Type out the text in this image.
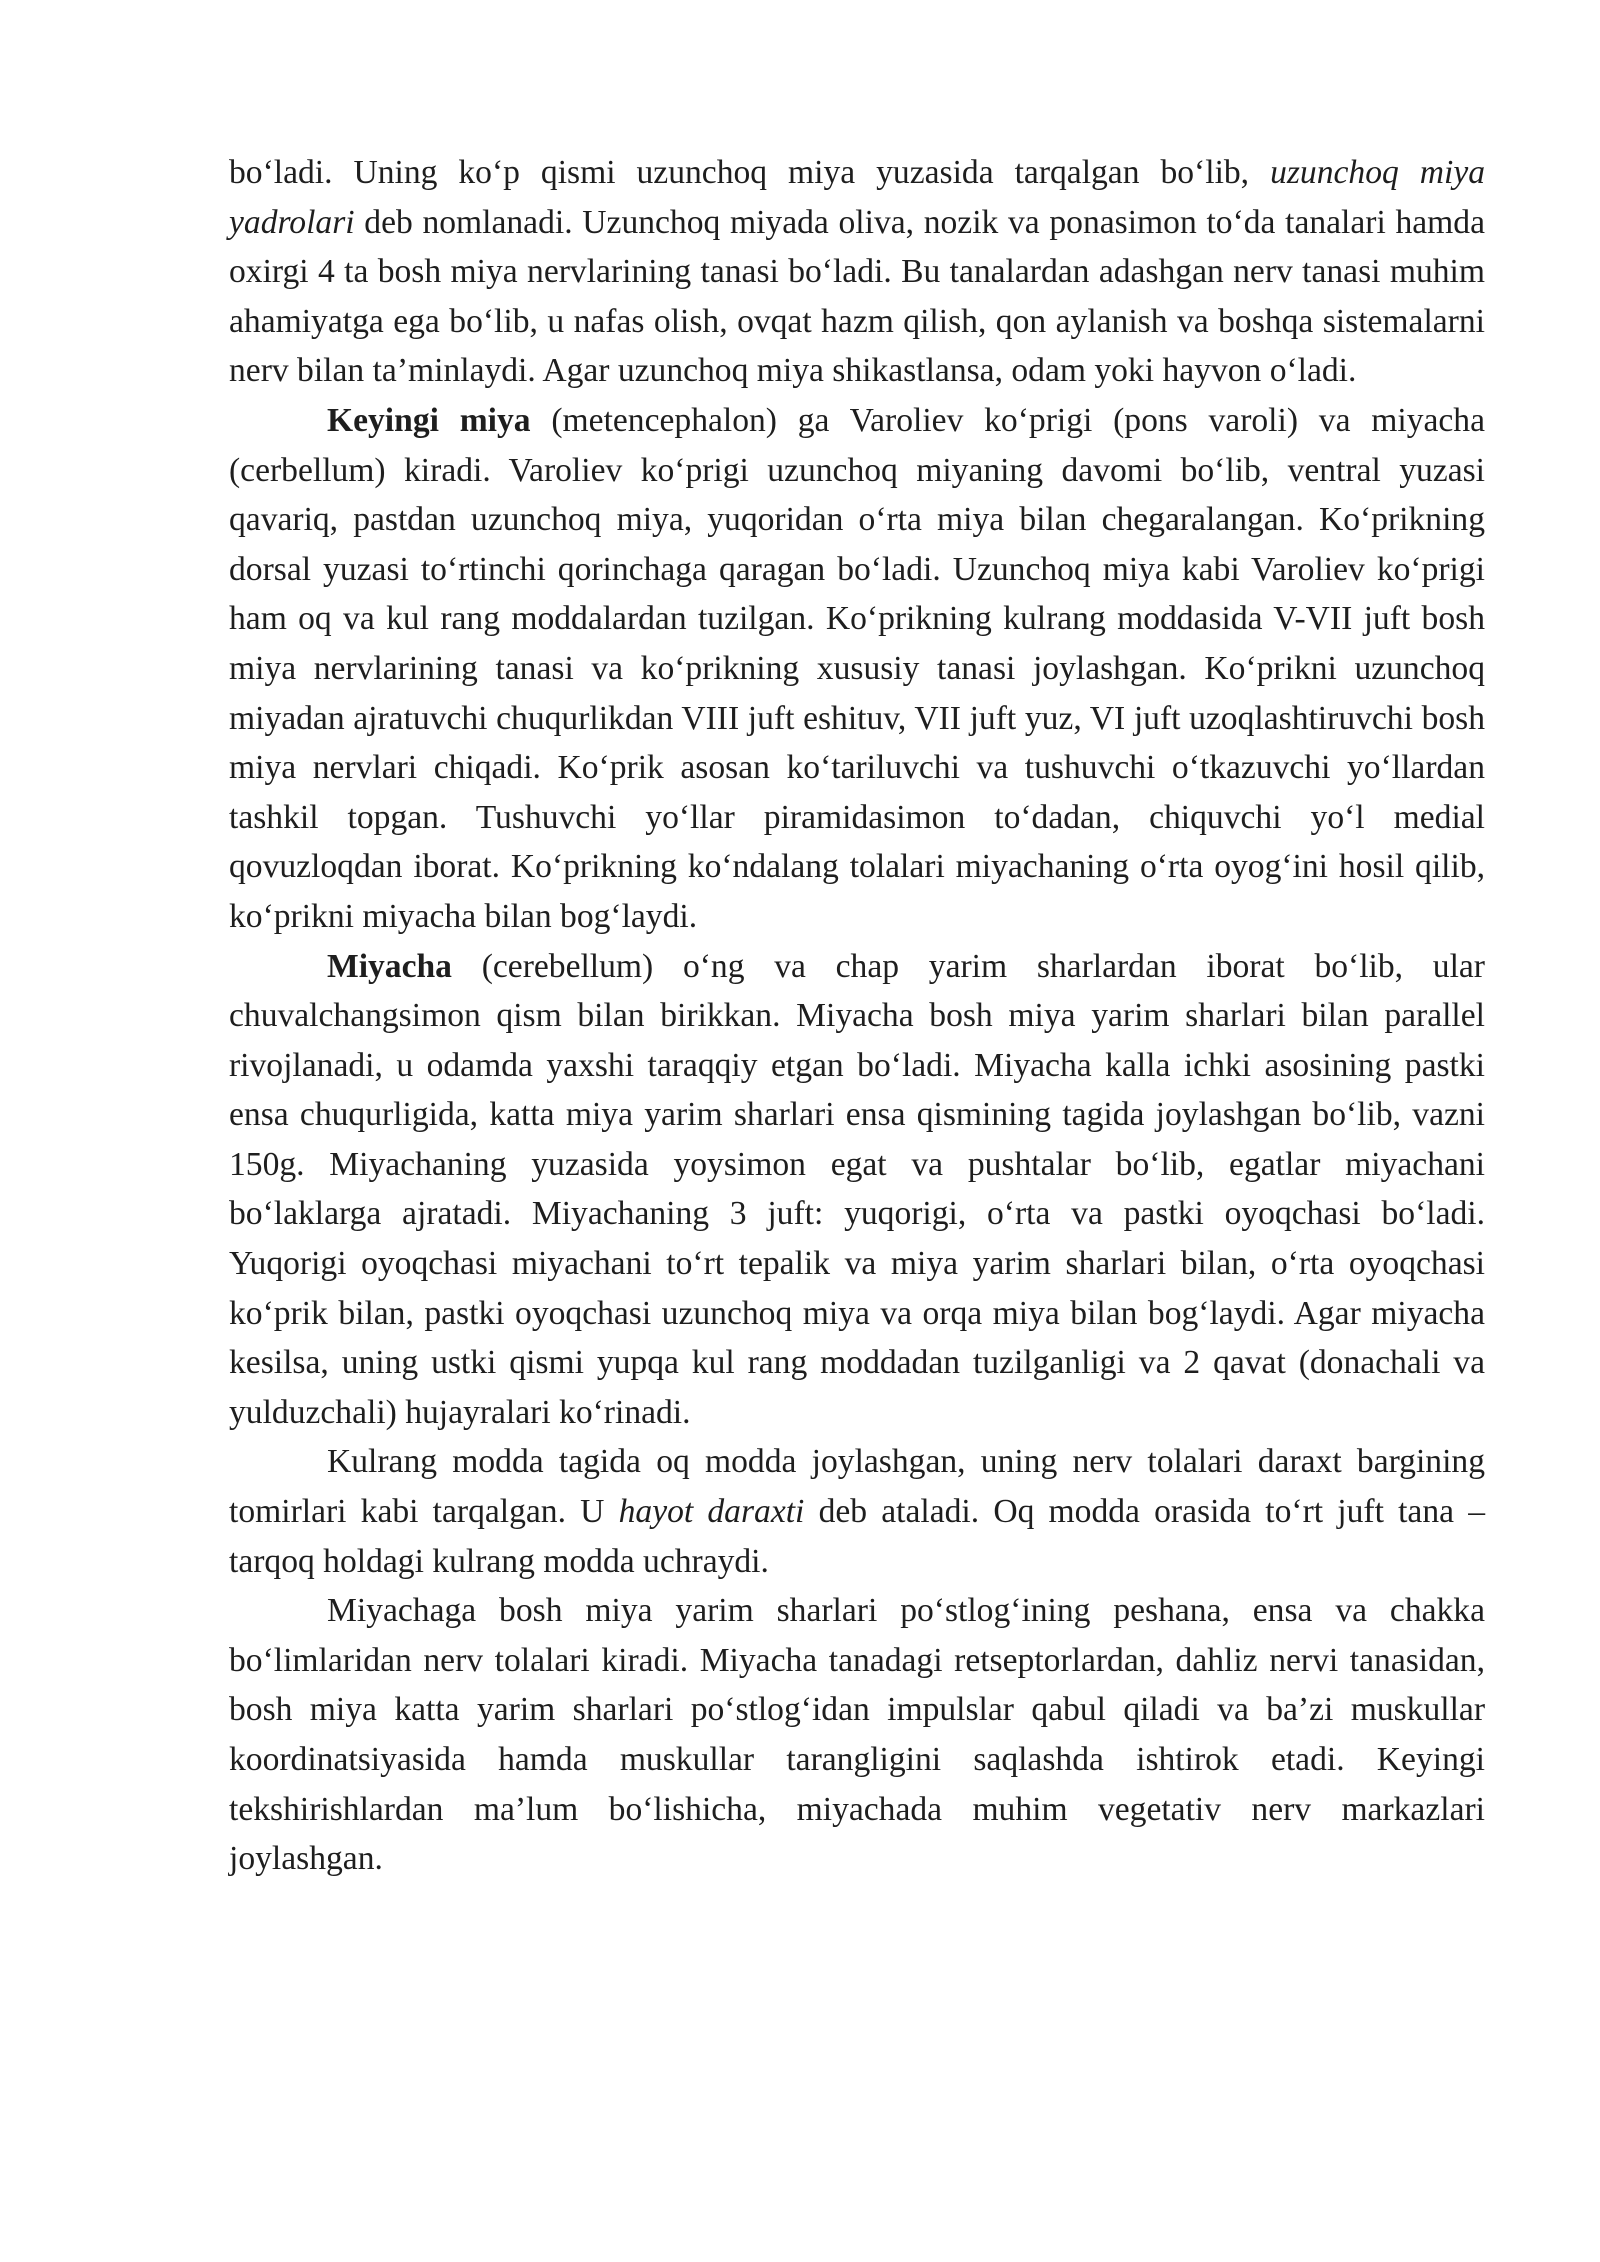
bo‘ladi. Uning ko‘p qismi uzunchoq miya yuzasida tarqalgan bo‘lib, uzunchoq miya yadrolari deb nomlanadi. Uzunchoq miyada oliva, nozik va ponasimon to‘da tanalari hamda oxirgi 4 ta bosh miya nervlarining tanasi bo‘ladi. Bu tanalardan adashgan nerv tanasi muhim ahamiyatga ega bo‘lib, u nafas olish, ovqat hazm qilish, qon aylanish va boshqa sistemalarni nerv bilan ta’minlaydi. Agar uzunchoq miya shikastlansa, odam yoki hayvon o‘ladi.

Keyingi miya (metencephalon) ga Varoliev ko‘prigi (pons varoli) va miyacha (cerbellum) kiradi. Varoliev ko‘prigi uzunchoq miyaning davomi bo‘lib, ventral yuzasi qavariq, pastdan uzunchoq miya, yuqoridan o‘rta miya bilan chegaralangan. Ko‘prikning dorsal yuzasi to‘rtinchi qorinchaga qaragan bo‘ladi. Uzunchoq miya kabi Varoliev ko‘prigi ham oq va kul rang moddalardan tuzilgan. Ko‘prikning kulrang moddasida V-VII juft bosh miya nervlarining tanasi va ko‘prikning xususiy tanasi joylashgan. Ko‘prikni uzunchoq miyadan ajratuvchi chuqurlikdan VIII juft eshituv, VII juft yuz, VI juft uzoqlashtiruvchi bosh miya nervlari chiqadi. Ko‘prik asosan ko‘tariluvchi va tushuvchi o‘tkazuvchi yo‘llardan tashkil topgan. Tushuvchi yo‘llar piramidasimon to‘dadan, chiquvchi yo‘l medial qovuzloqdan iborat. Ko‘prikning ko‘ndalang tolalari miyachaning o‘rta oyog‘ini hosil qilib, ko‘prikni miyacha bilan bog‘laydi.

Miyacha (cerebellum) o‘ng va chap yarim sharlardan iborat bo‘lib, ular chuvalchangsimon qism bilan birikkan. Miyacha bosh miya yarim sharlari bilan parallel rivojlanadi, u odamda yaxshi taraqqiy etgan bo‘ladi. Miyacha kalla ichki asosining pastki ensa chuqurligida, katta miya yarim sharlari ensa qismining tagida joylashgan bo‘lib, vazni 150g. Miyachaning yuzasida yoysimon egat va pushtalar bo‘lib, egatlar miyachani bo‘laklarga ajratadi. Miyachaning 3 juft: yuqorigi, o‘rta va pastki oyoqchasi bo‘ladi. Yuqorigi oyoqchasi miyachani to‘rt tepalik va miya yarim sharlari bilan, o‘rta oyoqchasi ko‘prik bilan, pastki oyoqchasi uzunchoq miya va orqa miya bilan bog‘laydi. Agar miyacha kesilsa, uning ustki qismi yupqa kul rang moddadan tuzilganligi va 2 qavat (donachali va yulduzchali) hujayralari ko‘rinadi.

Kulrang modda tagida oq modda joylashgan, uning nerv tolalari daraxt bargining tomirlari kabi tarqalgan. U hayot daraxti deb ataladi. Oq modda orasida to‘rt juft tana – tarqoq holdagi kulrang modda uchraydi.

Miyachaga bosh miya yarim sharlari po‘stlog‘ining peshana, ensa va chakka bo‘limlaridan nerv tolalari kiradi. Miyacha tanadagi retseptorlardan, dahliz nervi tanasidan, bosh miya katta yarim sharlari po‘stlog‘idan impulslar qabul qiladi va ba’zi muskullar koordinatsiyasida hamda muskullar tarangligini saqlashda ishtirok etadi. Keyingi tekshirishlardan ma’lum bo‘lishicha, miyachada muhim vegetativ nerv markazlari joylashgan.
